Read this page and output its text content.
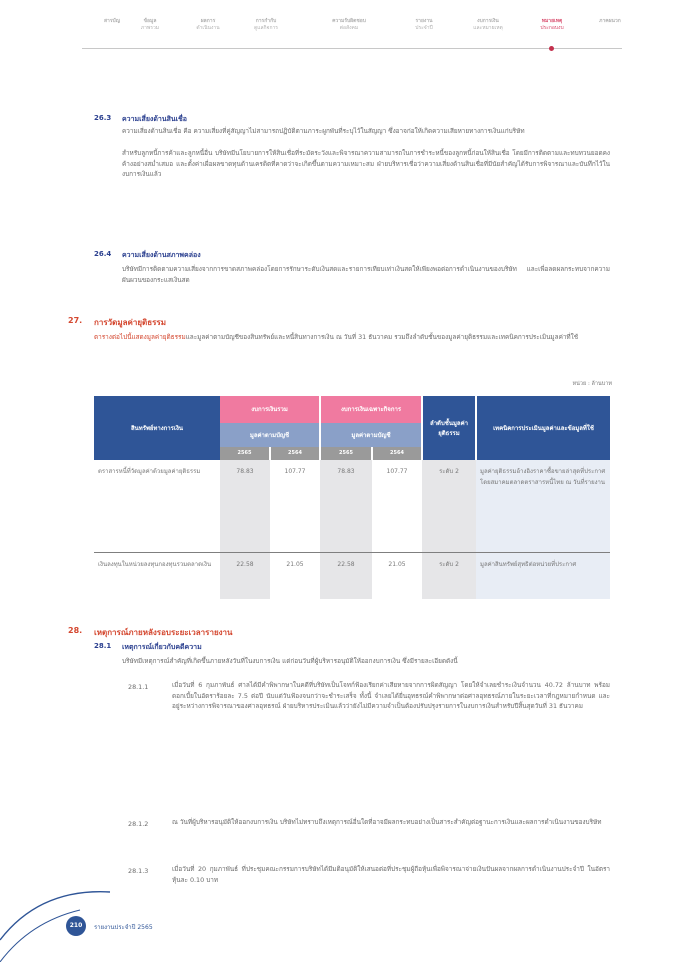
สารบัญ	ข้อมูล
ภาพรวม
ผลการ
ดำเนินงาน
การกำกับ
ดูแลกิจการ
ความรับผิดชอบ
ต่อสังคม
รายงาน
ประจำปี
งบการเงิน
และหมายเหตุ
หมายเหตุ
ประกอบงบ
ภาคผนวก
26.3 ความเสี่ยงด้านสินเชื่อ
ความเสี่ยงด้านสินเชื่อ คือ ความเสี่ยงที่คู่สัญญาไม่สามารถปฏิบัติตามภาระผูกพันที่ระบุไว้ในสัญญา ซึ่งอาจก่อให้เกิดความเสียหายทางการเงินแก่บริษัท
สำหรับลูกหนี้การค้าและลูกหนี้อื่น บริษัทมีนโยบายการให้สินเชื่อที่ระมัดระวังและพิจารณาความสามารถในการชำระหนี้ของลูกหนี้ก่อนให้สินเชื่อ โดยมีการติดตามและทบทวนยอดคงค้างอย่างสม่ำเสมอ และตั้งค่าเผื่อผลขาดทุนด้านเครดิตที่คาดว่าจะเกิดขึ้นตามความเหมาะสม ฝ่ายบริหารเชื่อว่าความเสี่ยงด้านสินเชื่อที่มีนัยสำคัญได้รับการพิจารณาและบันทึกไว้ในงบการเงินแล้ว
26.4 ความเสี่ยงด้านสภาพคล่อง
บริษัทมีการติดตามความเสี่ยงจากการขาดสภาพคล่องโดยการรักษาระดับเงินสดและรายการเทียบเท่าเงินสดให้เพียงพอต่อการดำเนินงานของบริษัท และเพื่อลดผลกระทบจากความผันผวนของกระแสเงินสด
27. การวัดมูลค่ายุติธรรม
ตารางต่อไปนี้แสดงมูลค่ายุติธรรมและมูลค่าตามบัญชีของสินทรัพย์และหนี้สินทางการเงิน ณ วันที่ 31 ธันวาคม รวมถึงลำดับชั้นของมูลค่ายุติธรรมและเทคนิคการประเมินมูลค่าที่ใช้
หน่วย : ล้านบาท
สินทรัพย์ทางการเงิน	งบการเงินรวม		งบการเงินเฉพาะกิจการ		ลำดับชั้นมูลค่ายุติธรรม	เทคนิคการประเมินมูลค่าและข้อมูลที่ใช้
	มูลค่าตามบัญชี		มูลค่าตามบัญชี			
	2565	2564	2565	2564		
ตราสารหนี้ที่วัดมูลค่าด้วยมูลค่ายุติธรรม	78.83	107.77	78.83	107.77	ระดับ 2	มูลค่ายุติธรรมอ้างอิงราคาซื้อขายล่าสุดที่ประกาศโดยสมาคมตลาดตราสารหนี้ไทย ณ วันที่รายงาน
เงินลงทุนในหน่วยลงทุนกองทุนรวมตลาดเงิน	22.58	21.05	22.58	21.05	ระดับ 2	มูลค่าสินทรัพย์สุทธิต่อหน่วยที่ประกาศ
28. เหตุการณ์ภายหลังรอบระยะเวลารายงาน
28.1 เหตุการณ์เกี่ยวกับคดีความ
บริษัทมีเหตุการณ์สำคัญที่เกิดขึ้นภายหลังวันที่ในงบการเงิน แต่ก่อนวันที่ผู้บริหารอนุมัติให้ออกงบการเงิน ซึ่งมีรายละเอียดดังนี้
28.1.1	เมื่อวันที่ 6 กุมภาพันธ์ ศาลได้มีคำพิพากษาในคดีที่บริษัทเป็นโจทก์ฟ้องเรียกค่าเสียหายจากการผิดสัญญา โดยให้จำเลยชำระเงินจำนวน 40.72 ล้านบาท พร้อมดอกเบี้ยในอัตราร้อยละ 7.5 ต่อปี นับแต่วันฟ้องจนกว่าจะชำระเสร็จ ทั้งนี้ จำเลยได้ยื่นอุทธรณ์คำพิพากษาต่อศาลอุทธรณ์ภายในระยะเวลาที่กฎหมายกำหนด และอยู่ระหว่างการพิจารณาของศาลอุทธรณ์ ฝ่ายบริหารประเมินแล้วว่ายังไม่มีความจำเป็นต้องปรับปรุงรายการในงบการเงินสำหรับปีสิ้นสุดวันที่ 31 ธันวาคม
28.1.2	ณ วันที่ผู้บริหารอนุมัติให้ออกงบการเงิน บริษัทไม่ทราบถึงเหตุการณ์อื่นใดที่อาจมีผลกระทบอย่างเป็นสาระสำคัญต่อฐานะการเงินและผลการดำเนินงานของบริษัท
28.1.3	เมื่อวันที่ 20 กุมภาพันธ์ ที่ประชุมคณะกรรมการบริษัทได้มีมติอนุมัติให้เสนอต่อที่ประชุมผู้ถือหุ้นเพื่อพิจารณาจ่ายเงินปันผลจากผลการดำเนินงานประจำปี ในอัตราหุ้นละ 0.10 บาท
210	รายงานประจำปี 2565
